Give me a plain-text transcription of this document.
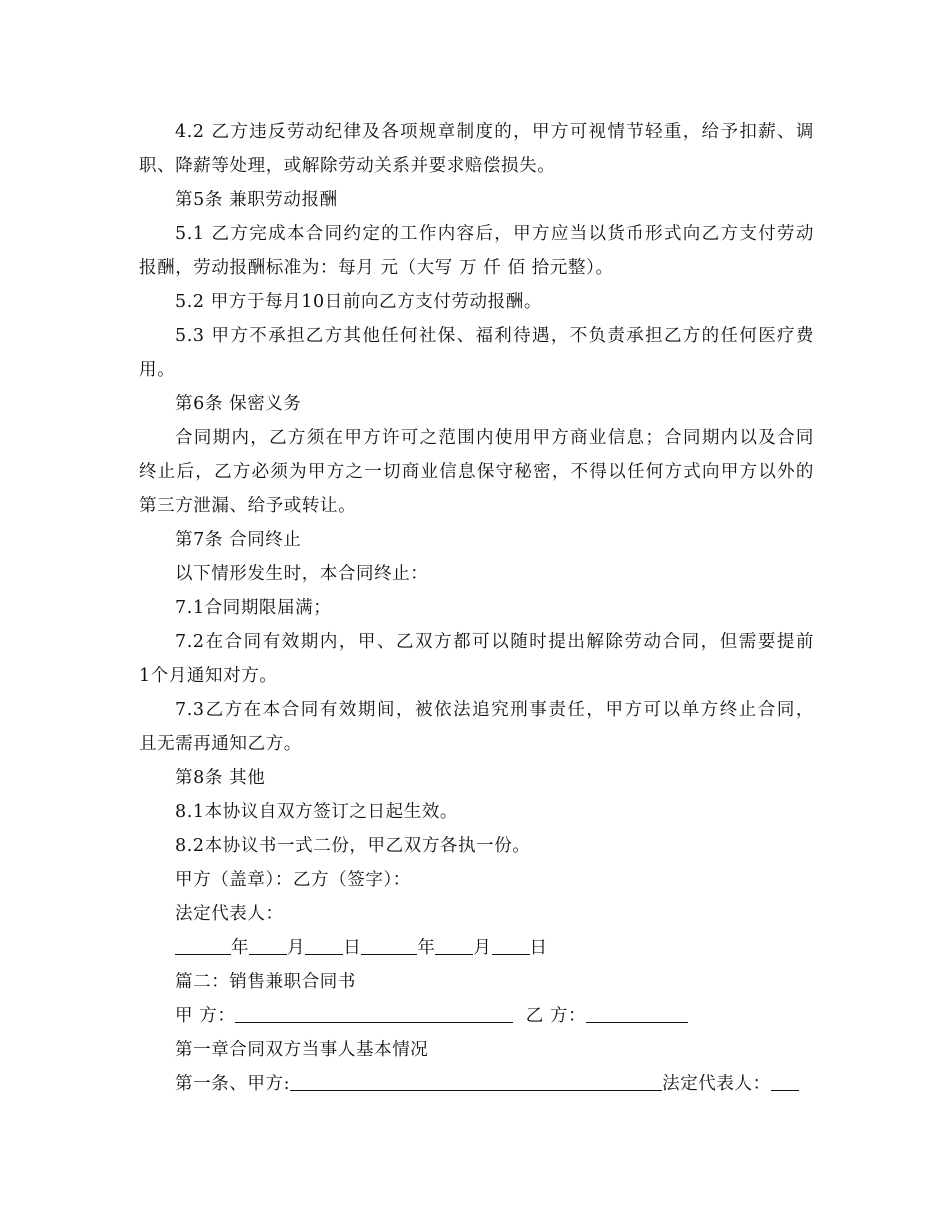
4.2 乙方违反劳动纪律及各项规章制度的，甲方可视情节轻重，给予扣薪、调
职、降薪等处理，或解除劳动关系并要求赔偿损失。
第5条 兼职劳动报酬
5.1 乙方完成本合同约定的工作内容后，甲方应当以货币形式向乙方支付劳动
报酬，劳动报酬标准为：每月 元（大写 万 仟 佰 拾元整）。
5.2 甲方于每月10日前向乙方支付劳动报酬。
5.3 甲方不承担乙方其他任何社保、福利待遇，不负责承担乙方的任何医疗费
用。
第6条 保密义务
合同期内，乙方须在甲方许可之范围内使用甲方商业信息；合同期内以及合同
终止后，乙方必须为甲方之一切商业信息保守秘密，不得以任何方式向甲方以外的
第三方泄漏、给予或转让。
第7条 合同终止
以下情形发生时，本合同终止：
7.1合同期限届满；
7.2在合同有效期内，甲、乙双方都可以随时提出解除劳动合同，但需要提前
1个月通知对方。
7.3乙方在本合同有效期间，被依法追究刑事责任，甲方可以单方终止合同，
且无需再通知乙方。
第8条 其他
8.1本协议自双方签订之日起生效。
8.2本协议书一式二份，甲乙双方各执一份。
甲方（盖章）：乙方（签字）：
法定代表人：
年 月 日	年 月 日
篇二：销售兼职合同书
甲 方：	乙 方：
第一章合同双方当事人基本情况
第一条、甲方:	法定代表人：
